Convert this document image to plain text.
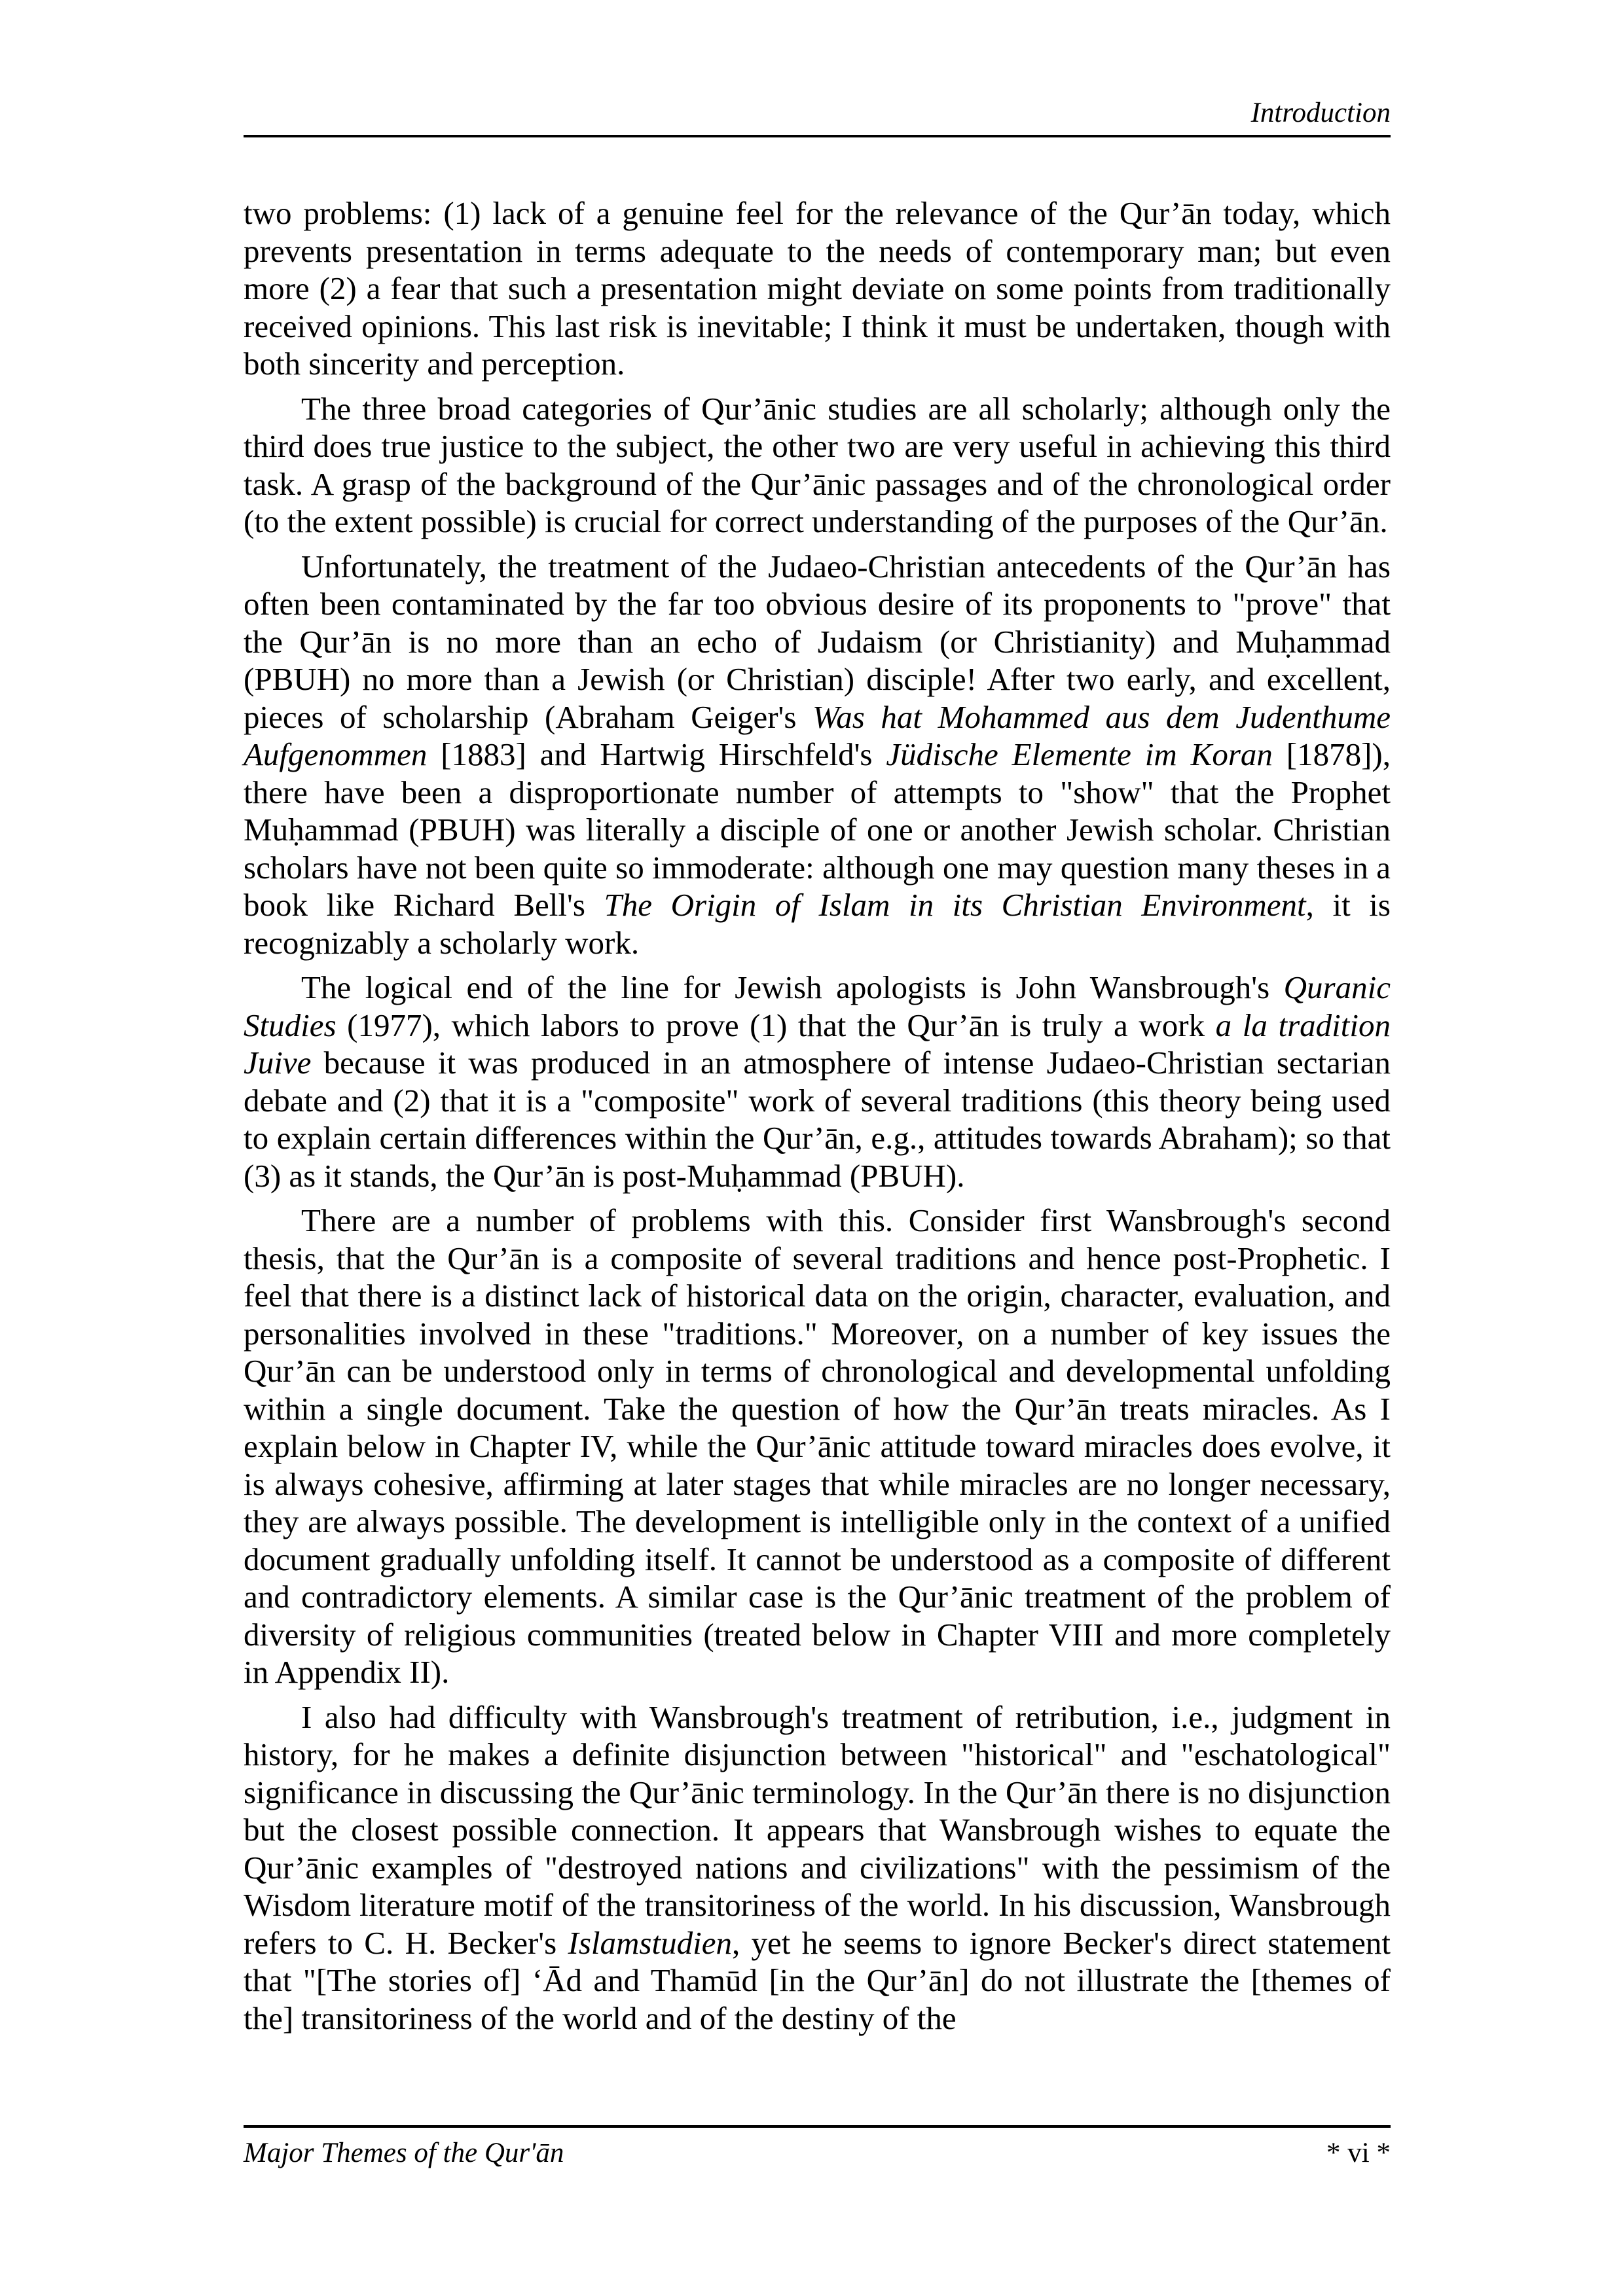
Introduction

two problems: (1) lack of a genuine feel for the relevance of the Qur’ān today, which prevents presentation in terms adequate to the needs of contemporary man; but even more (2) a fear that such a presentation might deviate on some points from traditionally received opinions. This last risk is inevitable; I think it must be undertaken, though with both sincerity and perception.

The three broad categories of Qur’ānic studies are all scholarly; although only the third does true justice to the subject, the other two are very useful in achieving this third task. A grasp of the background of the Qur’ānic passages and of the chronological order (to the extent possible) is crucial for correct understanding of the purposes of the Qur’ān.

Unfortunately, the treatment of the Judaeo-Christian antecedents of the Qur’ān has often been contaminated by the far too obvious desire of its proponents to "prove" that the Qur’ān is no more than an echo of Judaism (or Christianity) and Muḥammad (PBUH) no more than a Jewish (or Christian) disciple! After two early, and excellent, pieces of scholarship (Abraham Geiger's Was hat Mohammed aus dem Judenthume Aufgenommen [1883] and Hartwig Hirschfeld's Jüdische Elemente im Koran [1878]), there have been a disproportionate number of attempts to "show" that the Prophet Muḥammad (PBUH) was literally a disciple of one or another Jewish scholar. Christian scholars have not been quite so immoderate: although one may question many theses in a book like Richard Bell's The Origin of Islam in its Christian Environment, it is recognizably a scholarly work.

The logical end of the line for Jewish apologists is John Wansbrough's Quranic Studies (1977), which labors to prove (1) that the Qur’ān is truly a work a la tradition Juive because it was produced in an atmosphere of intense Judaeo-Christian sectarian debate and (2) that it is a "composite" work of several traditions (this theory being used to explain certain differences within the Qur’ān, e.g., attitudes towards Abraham); so that (3) as it stands, the Qur’ān is post-Muḥammad (PBUH).

There are a number of problems with this. Consider first Wansbrough's second thesis, that the Qur’ān is a composite of several traditions and hence post-Prophetic. I feel that there is a distinct lack of historical data on the origin, character, evaluation, and personalities involved in these "traditions." Moreover, on a number of key issues the Qur’ān can be understood only in terms of chronological and developmental unfolding within a single document. Take the question of how the Qur’ān treats miracles. As I explain below in Chapter IV, while the Qur’ānic attitude toward miracles does evolve, it is always cohesive, affirming at later stages that while miracles are no longer necessary, they are always possible. The development is intelligible only in the context of a unified document gradually unfolding itself. It cannot be understood as a composite of different and contradictory elements. A similar case is the Qur’ānic treatment of the problem of diversity of religious communities (treated below in Chapter VIII and more completely in Appendix II).

I also had difficulty with Wansbrough's treatment of retribution, i.e., judgment in history, for he makes a definite disjunction between "historical" and "eschatological" significance in discussing the Qur’ānic terminology. In the Qur’ān there is no disjunction but the closest possible connection. It appears that Wansbrough wishes to equate the Qur’ānic examples of "destroyed nations and civilizations" with the pessimism of the Wisdom literature motif of the transitoriness of the world. In his discussion, Wansbrough refers to C. H. Becker's Islamstudien, yet he seems to ignore Becker's direct statement that "[The stories of] ‘Ād and Thamūd [in the Qur’ān] do not illustrate the [themes of the] transitoriness of the world and of the destiny of the

Major Themes of the Qur'ān	* vi *
